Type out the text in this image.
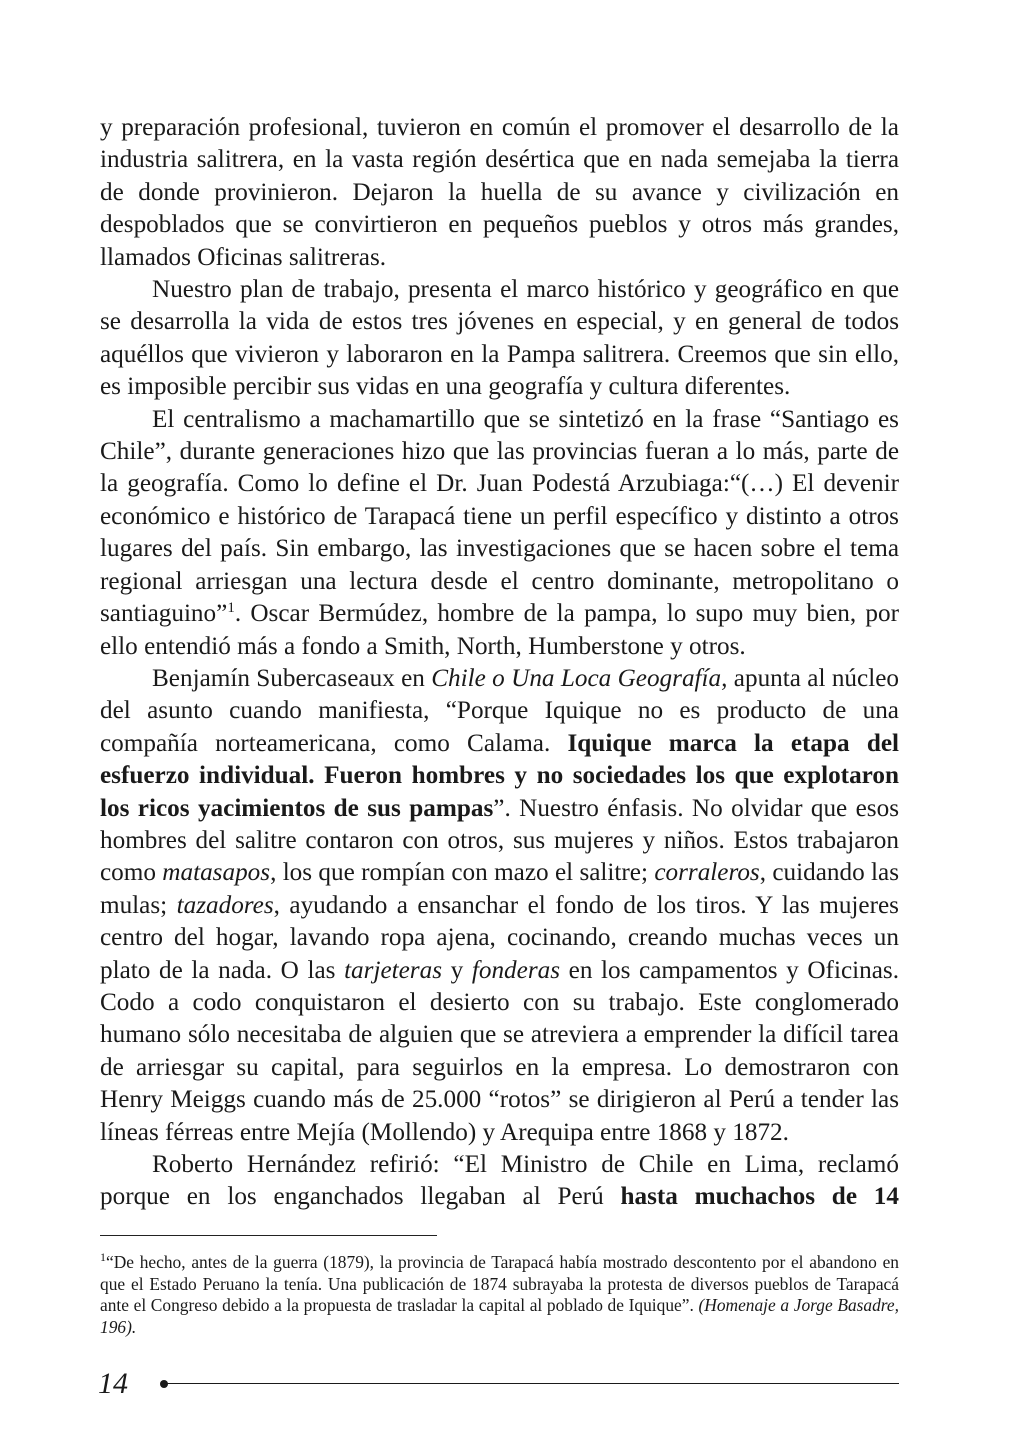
y preparación profesional, tuvieron en común el promover el desarrollo de la industria salitrera, en la vasta región desértica que en nada semejaba la tierra de donde provinieron. Dejaron la huella de su avance y civilización en despoblados que se convirtieron en pequeños pueblos y otros más grandes, llamados Oficinas salitreras.

Nuestro plan de trabajo, presenta el marco histórico y geográfico en que se desarrolla la vida de estos tres jóvenes en especial, y en general de todos aquéllos que vivieron y laboraron en la Pampa salitrera. Creemos que sin ello, es imposible percibir sus vidas en una geografía y cultura diferentes.

El centralismo a machamartillo que se sintetizó en la frase “Santiago es Chile”, durante generaciones hizo que las provincias fueran a lo más, parte de la geografía. Como lo define el Dr. Juan Podestá Arzubiaga:“(…) El devenir económico e histórico de Tarapacá tiene un perfil específico y distinto a otros lugares del país. Sin embargo, las investigaciones que se hacen sobre el tema regional arriesgan una lectura desde el centro dominante, metropolitano o santiaguino”$^1$. Oscar Bermúdez, hombre de la pampa, lo supo muy bien, por ello entendió más a fondo a Smith, North, Humberstone y otros.

Benjamín Subercaseaux en Chile o Una Loca Geografía, apunta al núcleo del asunto cuando manifiesta, “Porque Iquique no es producto de una compañía norteamericana, como Calama. Iquique marca la etapa del esfuerzo individual. Fueron hombres y no sociedades los que explotaron los ricos yacimientos de sus pampas”. Nuestro énfasis. No olvidar que esos hombres del salitre contaron con otros, sus mujeres y niños. Estos trabajaron como matasapos, los que rompían con mazo el salitre; corraleros, cuidando las mulas; tazadores, ayudando a ensanchar el fondo de los tiros. Y las mujeres centro del hogar, lavando ropa ajena, cocinando, creando muchas veces un plato de la nada. O las tarjeteras y fonderas en los campamentos y Oficinas. Codo a codo conquistaron el desierto con su trabajo. Este conglomerado humano sólo necesitaba de alguien que se atreviera a emprender la difícil tarea de arriesgar su capital, para seguirlos en la empresa. Lo demostraron con Henry Meiggs cuando más de 25.000 “rotos” se dirigieron al Perú a tender las líneas férreas entre Mejía (Mollendo) y Arequipa entre 1868 y 1872.

Roberto Hernández refirió: “El Ministro de Chile en Lima, reclamó porque en los enganchados llegaban al Perú hasta muchachos de 14

$^1$“De hecho, antes de la guerra (1879), la provincia de Tarapacá había mostrado descontento por el abandono en que el Estado Peruano la tenía. Una publicación de 1874 subrayaba la protesta de diversos pueblos de Tarapacá ante el Congreso debido a la propuesta de trasladar la capital al poblado de Iquique”. (Homenaje a Jorge Basadre, 196).

14
